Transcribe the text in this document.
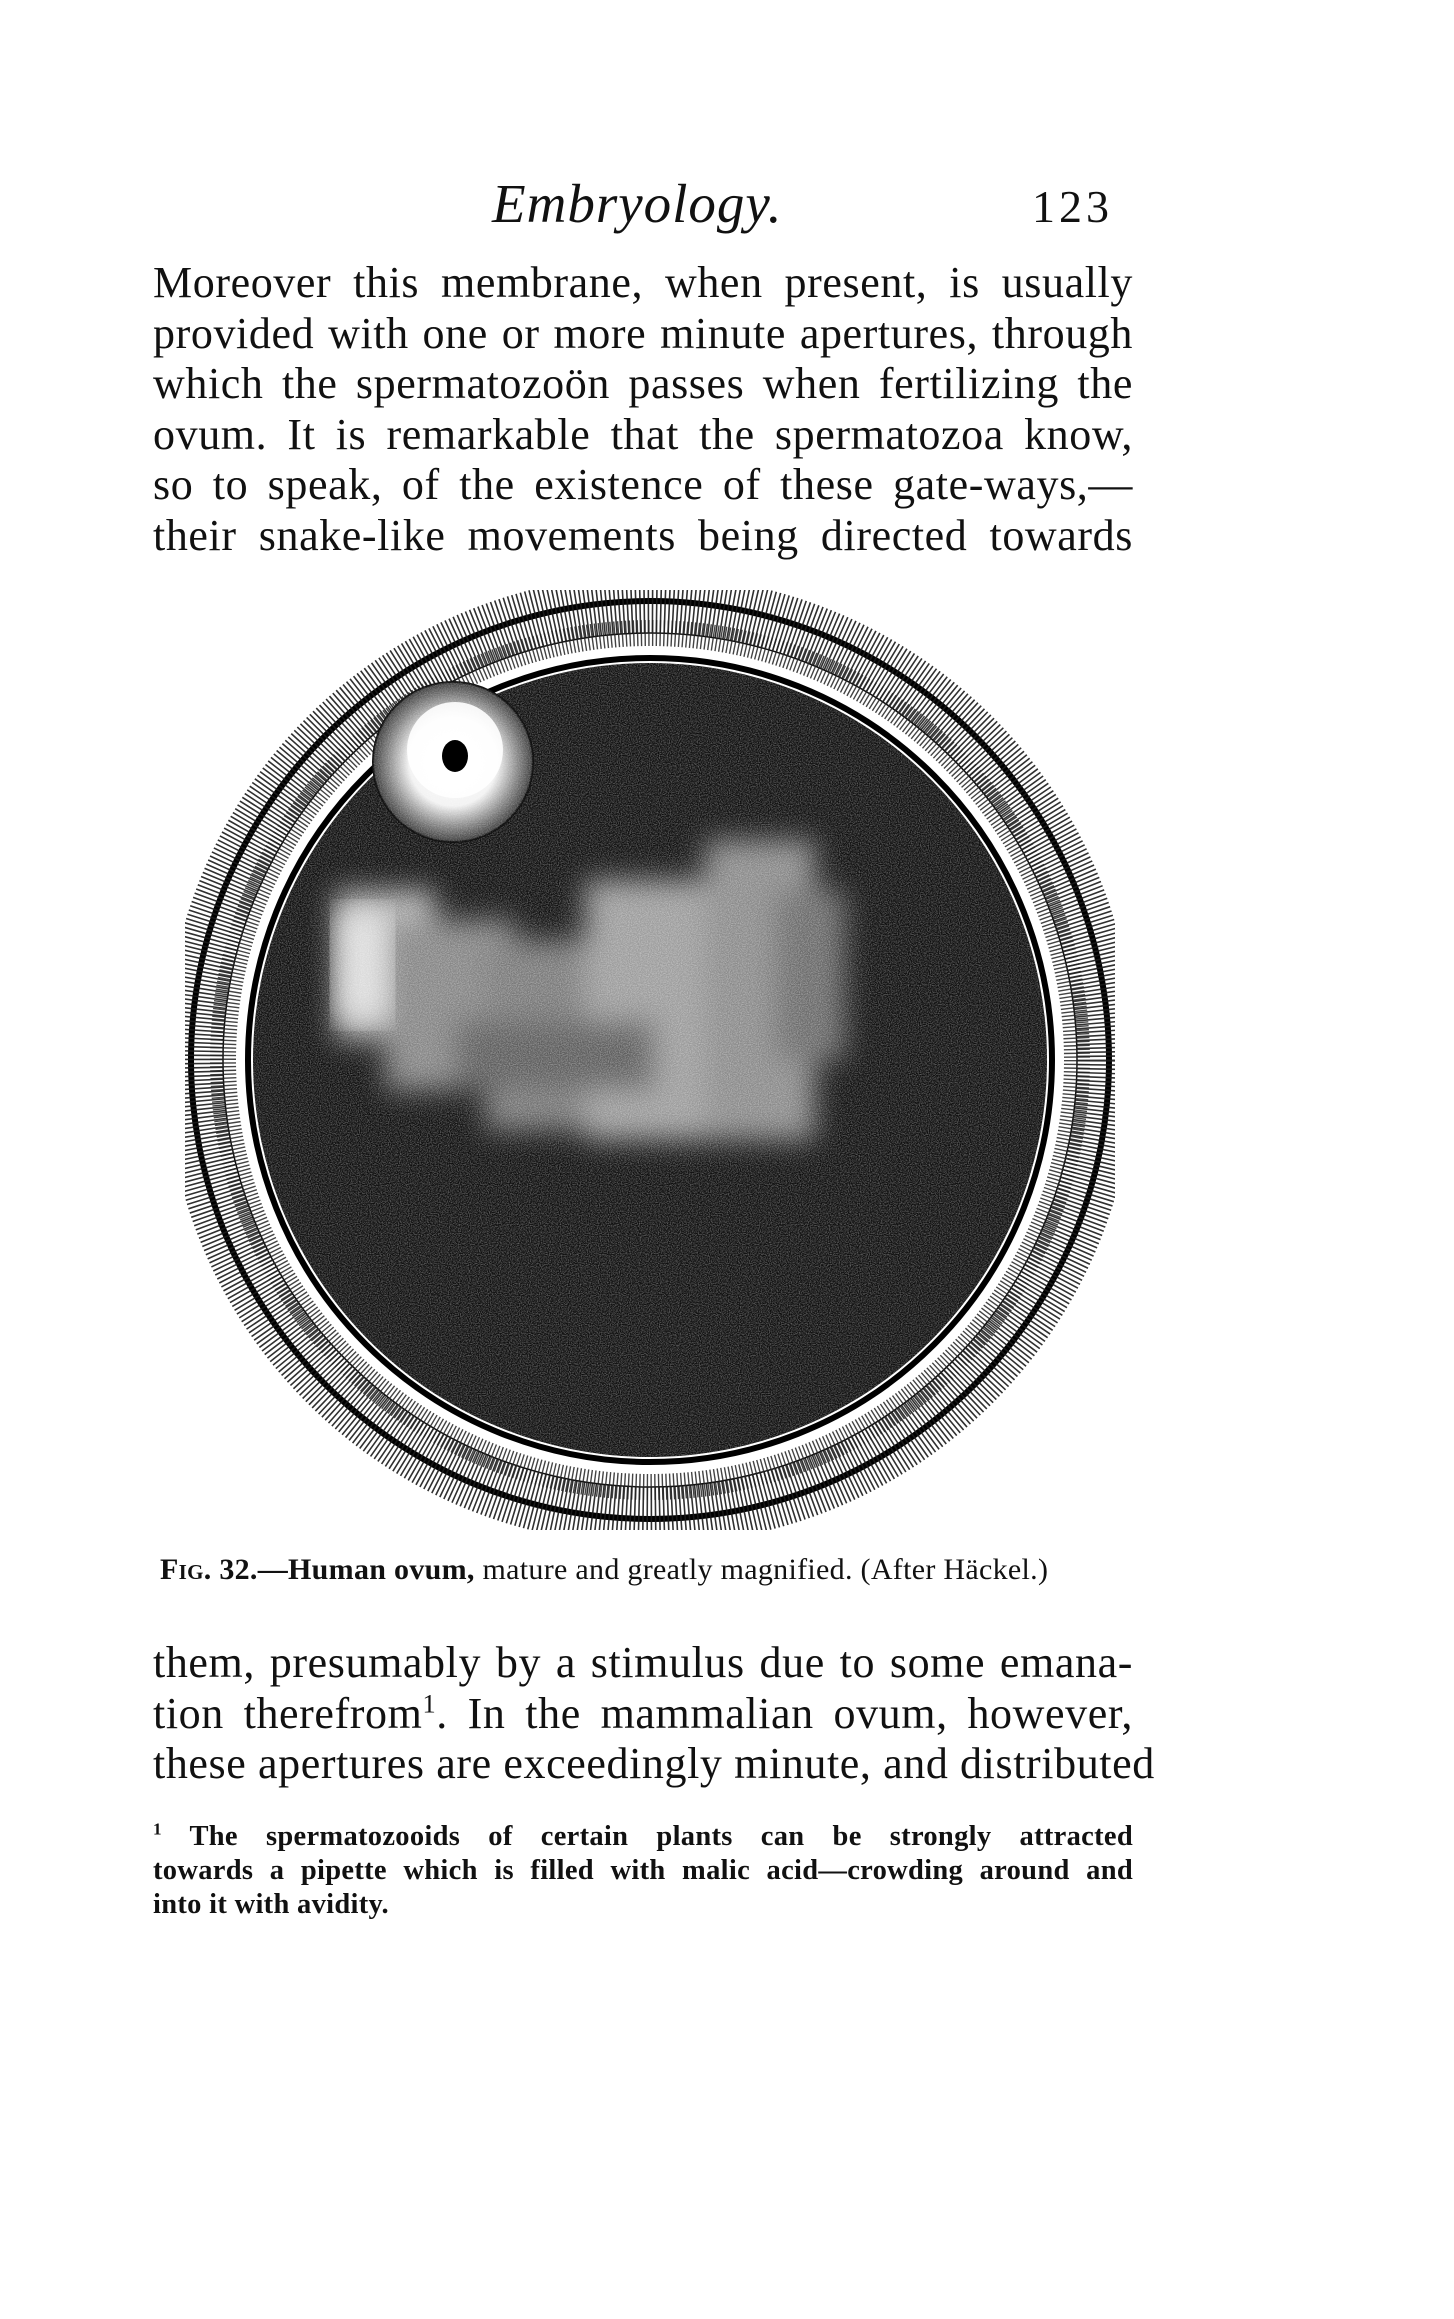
Embryology.	123
Moreover this membrane, when present, is usually
provided with one or more minute apertures, through
which the spermatozoön passes when fertilizing the
ovum. It is remarkable that the spermatozoa know,
so to speak, of the existence of these gate-ways,—
their snake-like movements being directed towards
Fig. 32.—Human ovum, mature and greatly magnified. (After Häckel.)
them, presumably by a stimulus due to some emana-
tion therefrom$^1$. In the mammalian ovum, however,
these apertures are exceedingly minute, and distributed
$^1$ The spermatozooids of certain plants can be strongly attracted
towards a pipette which is filled with malic acid—crowding around and
into it with avidity.
